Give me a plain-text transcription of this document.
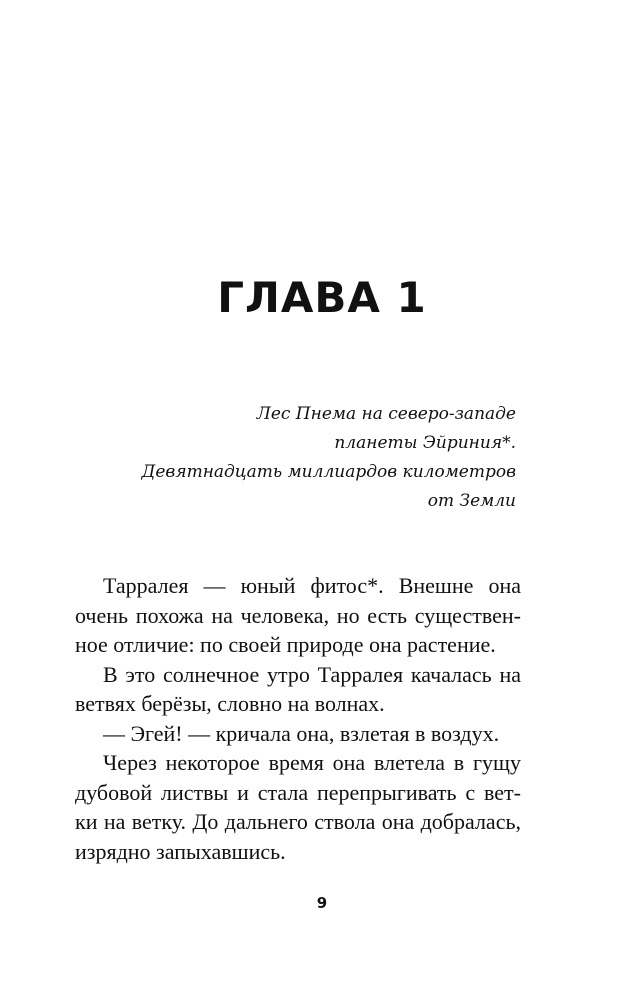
ГЛАВА 1
Лес Пнема на северо-западе
планеты Эйриния*.
Девятнадцать миллиардов километров
от Земли
Тарралея — юный фитос*. Внешне она
очень похожа на человека, но есть существен-
ное отличие: по своей природе она растение.
В это солнечное утро Тарралея качалась на
ветвях берёзы, словно на волнах.
— Эгей! — кричала она, взлетая в воздух.
Через некоторое время она влетела в гущу
дубовой листвы и стала перепрыгивать с вет-
ки на ветку. До дальнего ствола она добралась,
изрядно запыхавшись.
9
